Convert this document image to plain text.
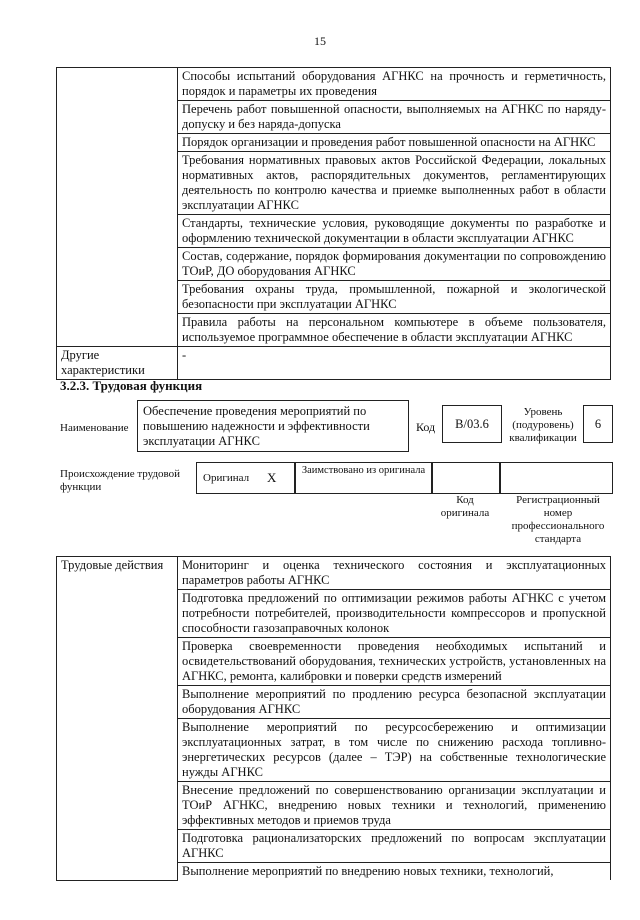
15
	Способы испытаний оборудования АГНКС на прочность и герметичность, порядок и параметры их проведения
	Перечень работ повышенной опасности, выполняемых на АГНКС по наряду-допуску и без наряда-допуска
	Порядок организации и проведения работ повышенной опасности на АГНКС
	Требования нормативных правовых актов Российской Федерации, локальных нормативных актов, распорядительных документов, регламентирующих деятельность по контролю качества и приемке выполненных работ в области эксплуатации АГНКС
	Стандарты, технические условия, руководящие документы по разработке и оформлению технической документации в области эксплуатации АГНКС
	Состав, содержание, порядок формирования документации по сопровождению ТОиР, ДО оборудования АГНКС
	Требования охраны труда, промышленной, пожарной и экологической безопасности при эксплуатации АГНКС
	Правила работы на персональном компьютере в объеме пользователя, используемое программное обеспечение в области эксплуатации АГНКС
Другие характеристики	-
3.2.3. Трудовая функция
Наименование
Обеспечение проведения мероприятий по повышению надежности и эффективности эксплуатации АГНКС
Код	В/03.6
Уровень (подуровень) квалификации
6
Происхождение трудовой функции
Оригинал X	Заимствовано из оригинала
Код оригинала
Регистрационный номер профессионального стандарта
Трудовые действия	Мониторинг и оценка технического состояния и эксплуатационных параметров работы АГНКС
Подготовка предложений по оптимизации режимов работы АГНКС с учетом потребности потребителей, производительности компрессоров и пропускной способности газозаправочных колонок
Проверка своевременности проведения необходимых испытаний и освидетельствований оборудования, технических устройств, установленных на АГНКС, ремонта, калибровки и поверки средств измерений
Выполнение мероприятий по продлению ресурса безопасной эксплуатации оборудования АГНКС
Выполнение мероприятий по ресурсосбережению и оптимизации эксплуатационных затрат, в том числе по снижению расхода топливно-энергетических ресурсов (далее – ТЭР) на собственные технологические нужды АГНКС
Внесение предложений по совершенствованию организации эксплуатации и ТОиР АГНКС, внедрению новых техники и технологий, применению эффективных методов и приемов труда
Подготовка рационализаторских предложений по вопросам эксплуатации АГНКС
Выполнение мероприятий по внедрению новых техники, технологий,
